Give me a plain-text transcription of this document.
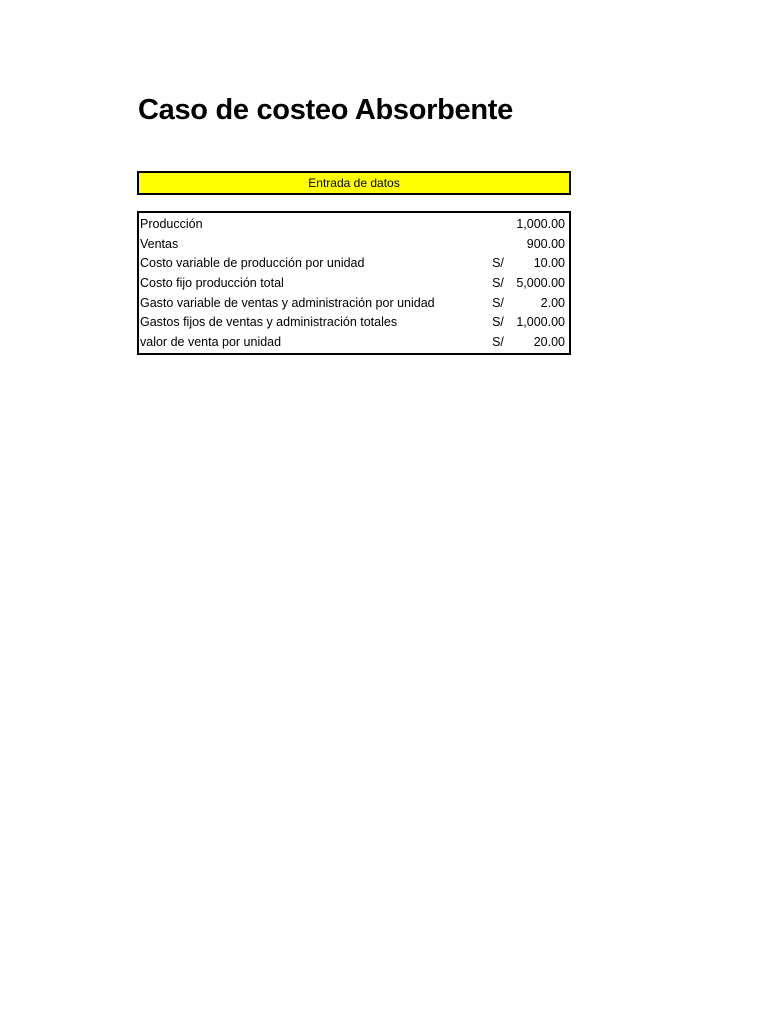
Caso de costeo Absorbente
Entrada de datos
Producción	1,000.00
Ventas	900.00
Costo variable de producción por unidad	S/	10.00
Costo fijo producción total	S/ 5,000.00
Gasto variable de ventas y administración por unidad	S/	2.00
Gastos fijos de ventas y administración totales	S/ 1,000.00
valor de venta por unidad	S/	20.00
